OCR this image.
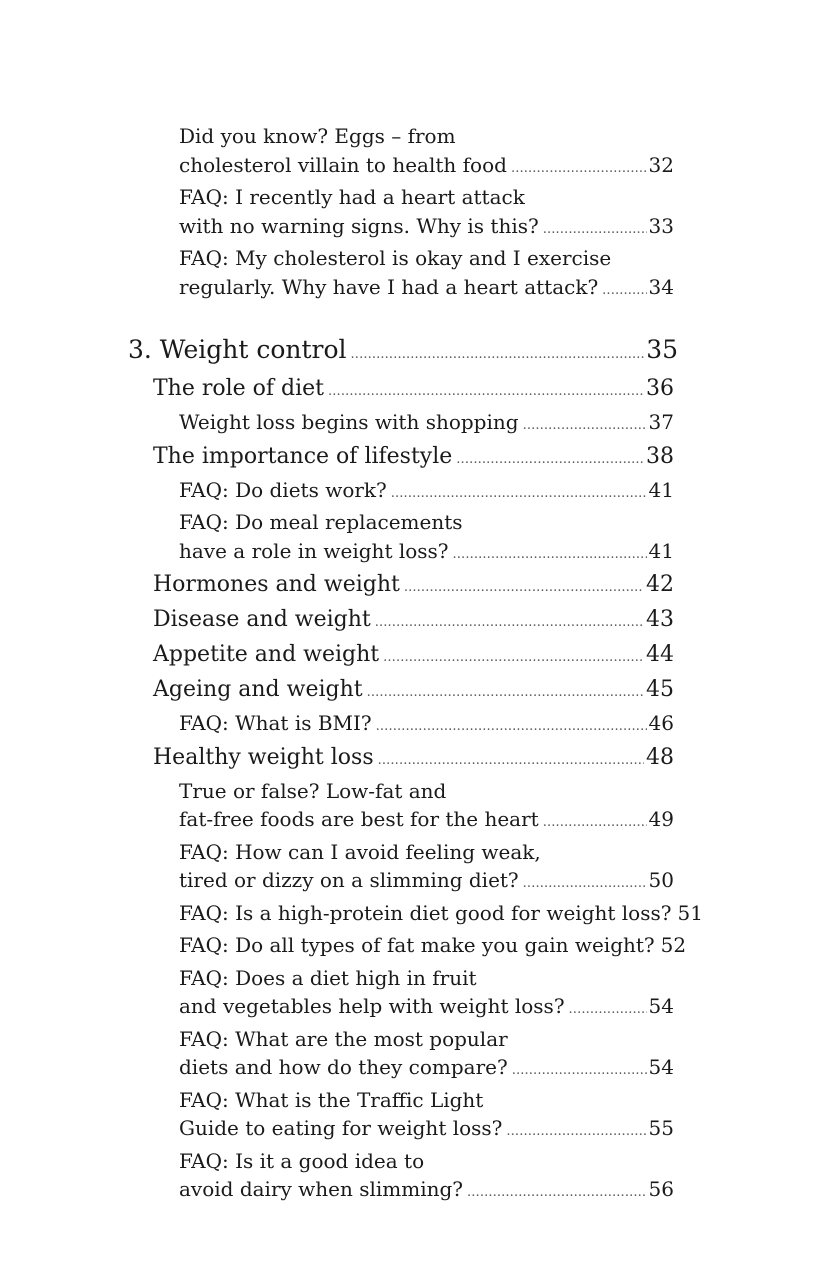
Did you know? Eggs – from
cholesterol villain to health food . . .	32
FAQ: I recently had a heart attack
with no warning signs. Why is this? . . .	33
FAQ: My cholesterol is okay and I exercise
regularly. Why have I had a heart attack? . . .	34
3. Weight control . . .	35
The role of diet . . .	36
Weight loss begins with shopping . . .	37
The importance of lifestyle . . .	38
FAQ: Do diets work? . . .	41
FAQ: Do meal replacements
have a role in weight loss? . . .	41
Hormones and weight . . .	42
Disease and weight . . .	43
Appetite and weight . . .	44
Ageing and weight . . .	45
FAQ: What is BMI? . . .	46
Healthy weight loss . . .	48
True or false? Low-fat and
fat-free foods are best for the heart . . .	49
FAQ: How can I avoid feeling weak,
tired or dizzy on a slimming diet? . . .	50
FAQ: Is a high-protein diet good for weight loss? 51
FAQ: Do all types of fat make you gain weight? 52
FAQ: Does a diet high in fruit
and vegetables help with weight loss? . . .	54
FAQ: What are the most popular
diets and how do they compare? . . .	54
FAQ: What is the Traffic Light
Guide to eating for weight loss? . . .	55
FAQ: Is it a good idea to
avoid dairy when slimming? . . .	56
